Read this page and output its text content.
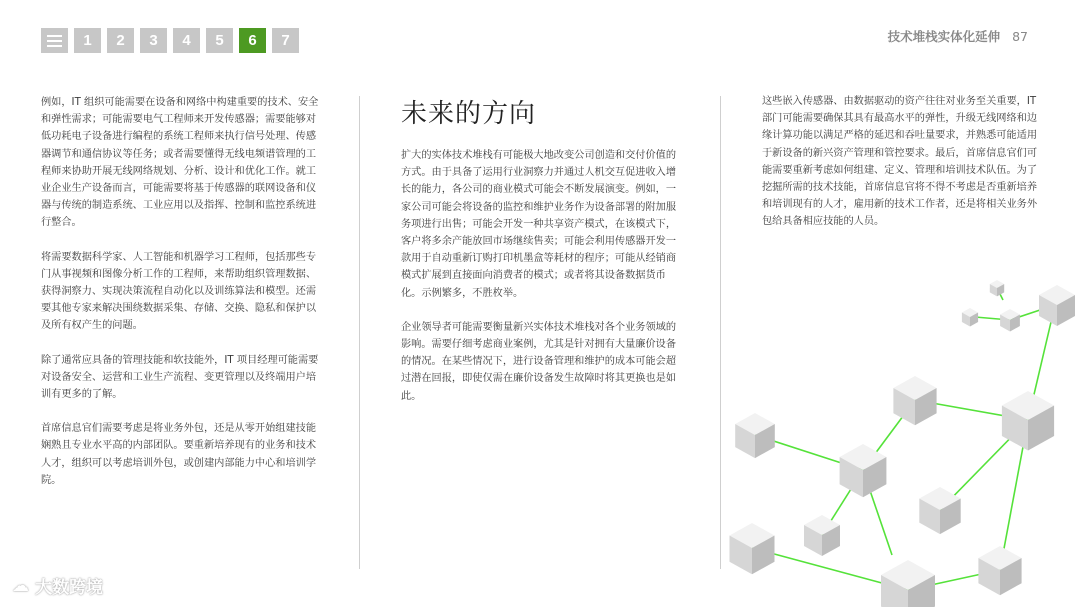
1	2	3	4	5	6	7	技术堆栈实体化延伸 87

例如，IT 组织可能需要在设备和网络中构建重要的技术、安全和弹性需求；可能需要电气工程师来开发传感器；需要能够对低功耗电子设备进行编程的系统工程师来执行信号处理、传感器调节和通信协议等任务；或者需要懂得无线电频谱管理的工程师来协助开展无线网络规划、分析、设计和优化工作。就工业企业生产设备而言，可能需要将基于传感器的联网设备和仪器与传统的制造系统、工业应用以及指挥、控制和监控系统进行整合。

将需要数据科学家、人工智能和机器学习工程师，包括那些专门从事视频和图像分析工作的工程师，来帮助组织管理数据、获得洞察力、实现决策流程自动化以及训练算法和模型。还需要其他专家来解决围绕数据采集、存储、交换、隐私和保护以及所有权产生的问题。

除了通常应具备的管理技能和软技能外，IT 项目经理可能需要对设备安全、运营和工业生产流程、变更管理以及终端用户培训有更多的了解。

首席信息官们需要考虑是将业务外包，还是从零开始组建技能娴熟且专业水平高的内部团队。要重新培养现有的业务和技术人才，组织可以考虑培训外包，或创建内部能力中心和培训学院。

未来的方向

扩大的实体技术堆栈有可能极大地改变公司创造和交付价值的方式。由于具备了运用行业洞察力并通过人机交互促进收入增长的能力，各公司的商业模式可能会不断发展演变。例如，一家公司可能会将设备的监控和维护业务作为设备部署的附加服务项进行出售；可能会开发一种共享资产模式，在该模式下，客户将多余产能放回市场继续售卖；可能会利用传感器开发一款用于自动重新订购打印机墨盒等耗材的程序；可能从经销商模式扩展到直接面向消费者的模式；或者将其设备数据货币化。示例繁多，不胜枚举。

企业领导者可能需要衡量新兴实体技术堆栈对各个业务领域的影响。需要仔细考虑商业案例，尤其是针对拥有大量廉价设备的情况。在某些情况下，进行设备管理和维护的成本可能会超过潜在回报，即使仅需在廉价设备发生故障时将其更换也是如此。

这些嵌入传感器、由数据驱动的资产往往对业务至关重要，IT 部门可能需要确保其具有最高水平的弹性，升级无线网络和边缘计算功能以满足严格的延迟和吞吐量要求，并熟悉可能适用于新设备的新兴资产管理和管控要求。最后，首席信息官们可能需要重新考虑如何组建、定义、管理和培训技术队伍。为了挖掘所需的技术技能，首席信息官将不得不考虑是否重新培养和培训现有的人才，雇用新的技术工作者，还是将相关业务外包给具备相应技能的人员。

☁ 大数跨境
